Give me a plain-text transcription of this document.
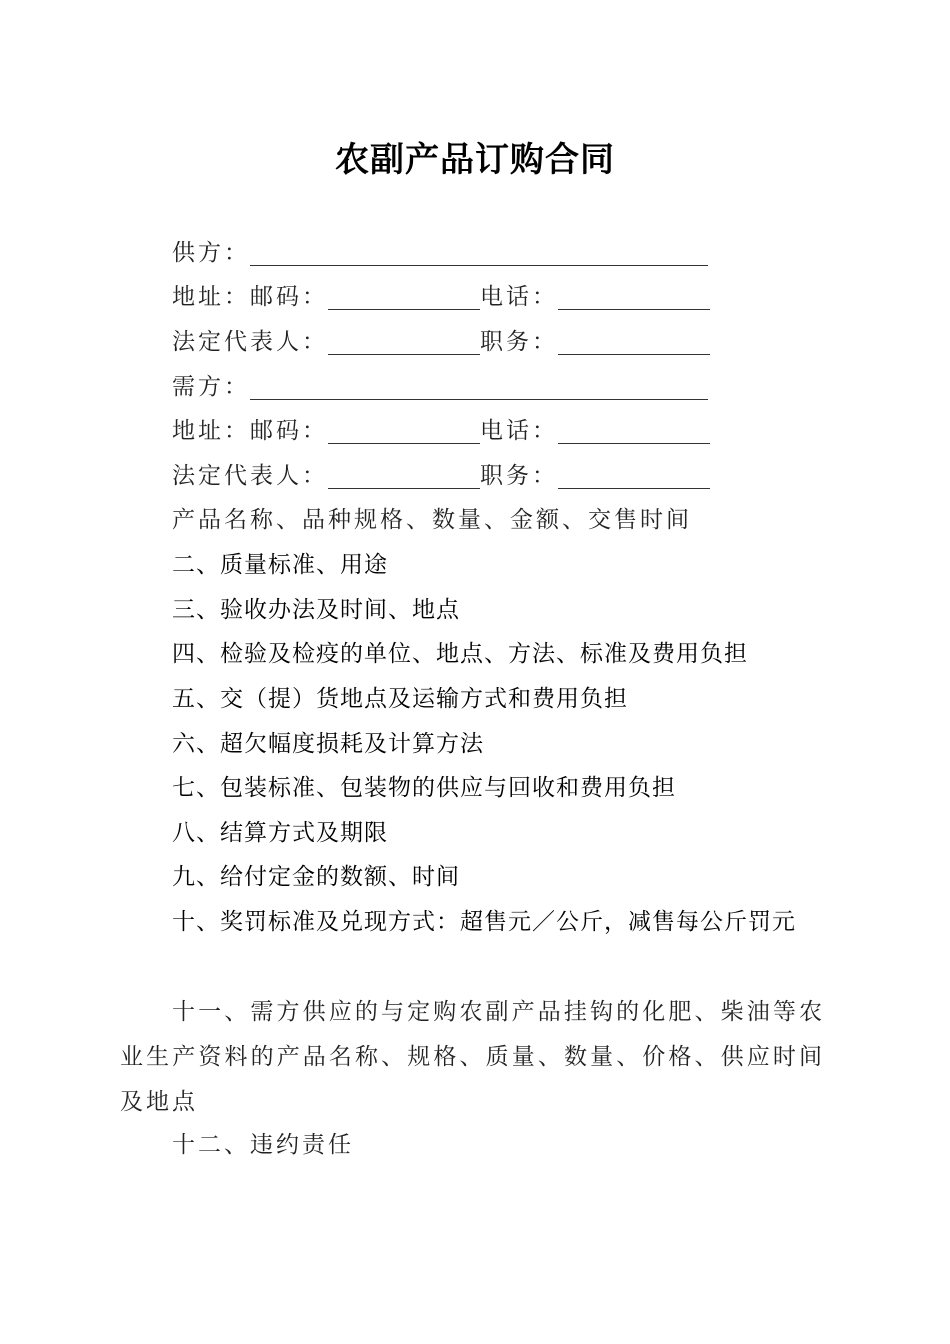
农副产品订购合同
供方：
地址： 邮码：	电话：
法定代表人：	职务：
需方：
地址： 邮码：	电话：
法定代表人：	职务：
产品名称、品种规格、数量、金额、交售时间
二、质量标准、用途
三、验收办法及时间、地点
四、检验及检疫的单位、地点、方法、标准及费用负担
五、交（提）货地点及运输方式和费用负担
六、超欠幅度损耗及计算方法
七、包装标准、包装物的供应与回收和费用负担
八、结算方式及期限
九、给付定金的数额、时间
十、奖罚标准及兑现方式：超售元／公斤，减售每公斤罚元
十一、需方供应的与定购农副产品挂钩的化肥、柴油等农业生产资料的产品名称、规格、质量、数量、价格、供应时间及地点
十二、违约责任
